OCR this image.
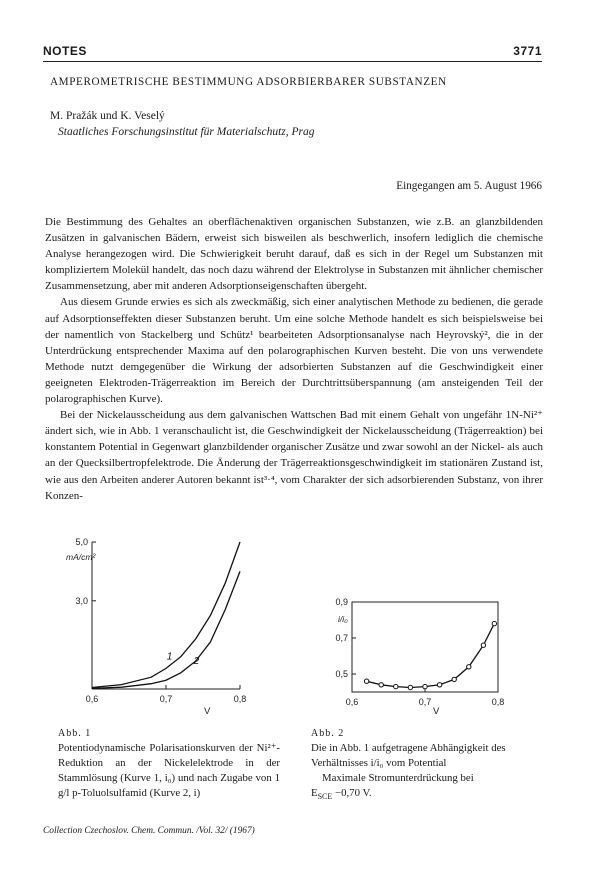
NOTES	3771
AMPEROMETRISCHE BESTIMMUNG ADSORBIERBARER SUBSTANZEN
M. Pražák und K. Veselý
Staatliches Forschungsinstitut für Materialschutz, Prag
Eingegangen am 5. August 1966

Die Bestimmung des Gehaltes an oberflächenaktiven organischen Substanzen, wie z.B. an glanzbildenden Zusätzen in galvanischen Bädern, erweist sich bisweilen als beschwerlich, insofern lediglich die chemische Analyse herangezogen wird. Die Schwierigkeit beruht darauf, daß es sich in der Regel um Substanzen mit kompliziertem Molekül handelt, das noch dazu während der Elektrolyse in Substanzen mit ähnlicher chemischer Zusammensetzung, aber mit anderen Adsorptionseigenschaften übergeht.

Aus diesem Grunde erwies es sich als zweckmäßig, sich einer analytischen Methode zu bedienen, die gerade auf Adsorptionseffekten dieser Substanzen beruht. Um eine solche Methode handelt es sich beispielsweise bei der namentlich von Stackelberg und Schütz¹ bearbeiteten Adsorptionsanalyse nach Heyrovský², die in der Unterdrückung entsprechender Maxima auf den polarographischen Kurven besteht. Die von uns verwendete Methode nutzt demgegenüber die Wirkung der adsorbierten Substanzen auf die Geschwindigkeit einer geeigneten Elektroden-Trägerreaktion im Bereich der Durchtrittsüberspannung (am ansteigenden Teil der polarographischen Kurve).

Bei der Nickelausscheidung aus dem galvanischen Wattschen Bad mit einem Gehalt von ungefähr 1N-Ni²⁺ ändert sich, wie in Abb. 1 veranschaulicht ist, die Geschwindigkeit der Nickelausscheidung (Trägerreaktion) bei konstantem Potential in Gegenwart glanzbildender organischer Zusätze und zwar sowohl an der Nickel- als auch an der Quecksilbertropfelektrode. Die Änderung der Trägerreaktionsgeschwindigkeit im stationären Zustand ist, wie aus den Arbeiten anderer Autoren bekannt ist³·⁴, vom Charakter der sich adsorbierenden Substanz, von ihrer Konzen-

0,6	0,7	0,8
3,0
5,0
mA/cm²
V
1 2
0,6	0,7	0,8
0,5
0,7
0,9
i/i₀
V
Abb. 1
Potentiodynamische Polarisationskurven der Ni²⁺-Reduktion an der Nickelelektrode in der Stammlösung (Kurve 1, i₀) und nach Zugabe von 1 g/l p-Toluolsulfamid (Kurve 2, i)
Abb. 2
Die in Abb. 1 aufgetragene Abhängigkeit des Verhältnisses i/i₀ vom Potential
Maximale Stromunterdrückung bei
$E_{SCE} -0,70$ V.
Collection Czechoslov. Chem. Commun. /Vol. 32/ (1967)
